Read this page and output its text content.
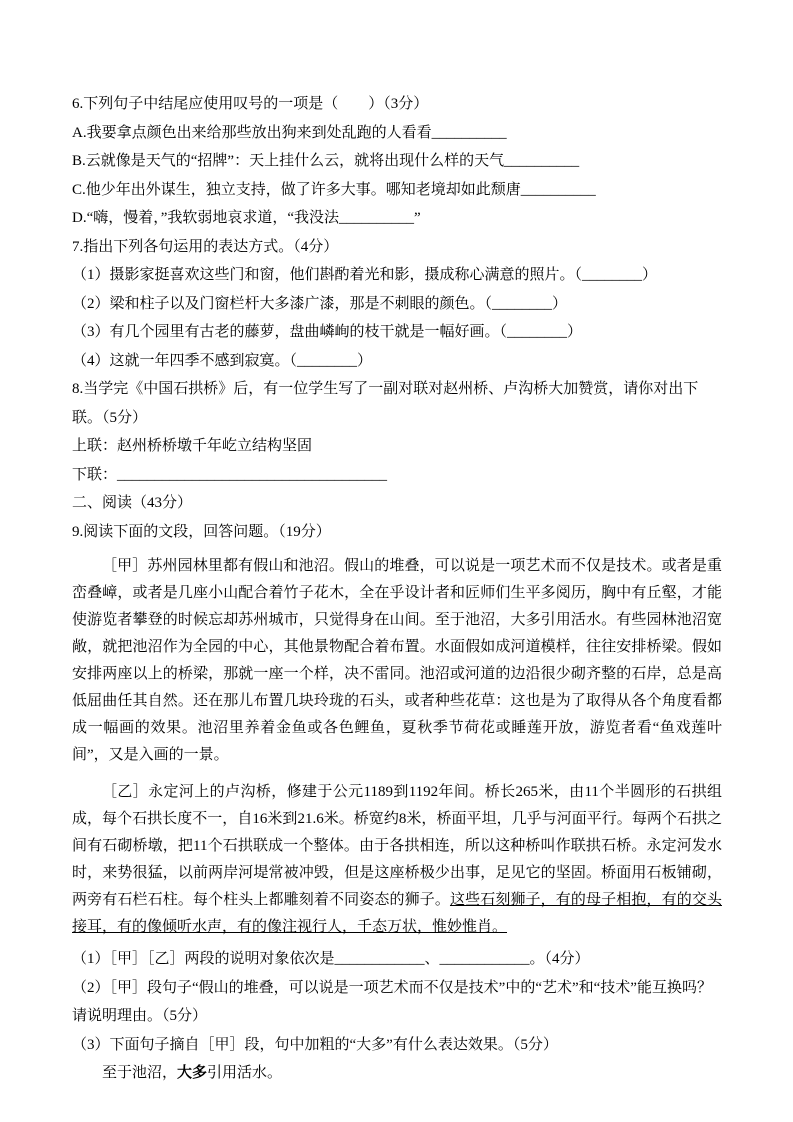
6.下列句子中结尾应使用叹号的一项是（　　）（3分）

A.我要拿点颜色出来给那些放出狗来到处乱跑的人看看__________

B.云就像是天气的“招牌”：天上挂什么云，就将出现什么样的天气__________

C.他少年出外谋生，独立支持，做了许多大事。哪知老境却如此颓唐__________

D.“嗨，慢着，”我软弱地哀求道，“我没法__________”

7.指出下列各句运用的表达方式。（4分）

（1）摄影家挺喜欢这些门和窗，他们斟酌着光和影，摄成称心满意的照片。（________）

（2）梁和柱子以及门窗栏杆大多漆广漆，那是不刺眼的颜色。（________）

（3）有几个园里有古老的藤萝，盘曲嶙峋的枝干就是一幅好画。（________）

（4）这就一年四季不感到寂寞。（________）

8.当学完《中国石拱桥》后，有一位学生写了一副对联对赵州桥、卢沟桥大加赞赏，请你对出下联。（5分）

上联：赵州桥桥墩千年屹立结构坚固

下联：____________________________________

二、阅读（43分）

9.阅读下面的文段，回答问题。（19分）

［甲］苏州园林里都有假山和池沼。假山的堆叠，可以说是一项艺术而不仅是技术。或者是重峦叠嶂，或者是几座小山配合着竹子花木，全在乎设计者和匠师们生平多阅历，胸中有丘壑，才能使游览者攀登的时候忘却苏州城市，只觉得身在山间。至于池沼，大多引用活水。有些园林池沼宽敞，就把池沼作为全园的中心，其他景物配合着布置。水面假如成河道模样，往往安排桥梁。假如安排两座以上的桥梁，那就一座一个样，决不雷同。池沼或河道的边沿很少砌齐整的石岸，总是高低屈曲任其自然。还在那儿布置几块玲珑的石头，或者种些花草：这也是为了取得从各个角度看都成一幅画的效果。池沼里养着金鱼或各色鲤鱼，夏秋季节荷花或睡莲开放，游览者看“鱼戏莲叶间”，又是入画的一景。

［乙］永定河上的卢沟桥，修建于公元1189到1192年间。桥长265米，由11个半圆形的石拱组成，每个石拱长度不一，自16米到21.6米。桥宽约8米，桥面平坦，几乎与河面平行。每两个石拱之间有石砌桥墩，把11个石拱联成一个整体。由于各拱相连，所以这种桥叫作联拱石桥。永定河发水时，来势很猛，以前两岸河堤常被冲毁，但是这座桥极少出事，足见它的坚固。桥面用石板铺砌，两旁有石栏石柱。每个柱头上都雕刻着不同姿态的狮子。这些石刻狮子，有的母子相抱，有的交头接耳，有的像倾听水声，有的像注视行人，千态万状，惟妙惟肖。

（1）［甲］［乙］两段的说明对象依次是____________、____________。（4分）

（2）［甲］段句子“假山的堆叠，可以说是一项艺术而不仅是技术”中的“艺术”和“技术”能互换吗？请说明理由。（5分）

（3）下面句子摘自［甲］段，句中加粗的“大多”有什么表达效果。（5分）

至于池沼，大多引用活水。
